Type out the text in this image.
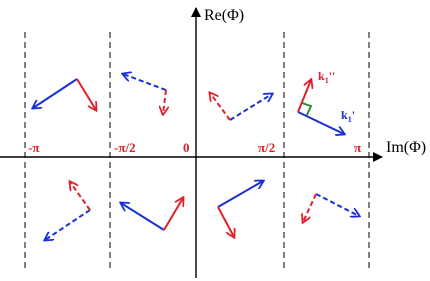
Re(Φ)
Im(Φ)
-π	-π/2	0	π/2	π
$k_1''$
$k_1'$
